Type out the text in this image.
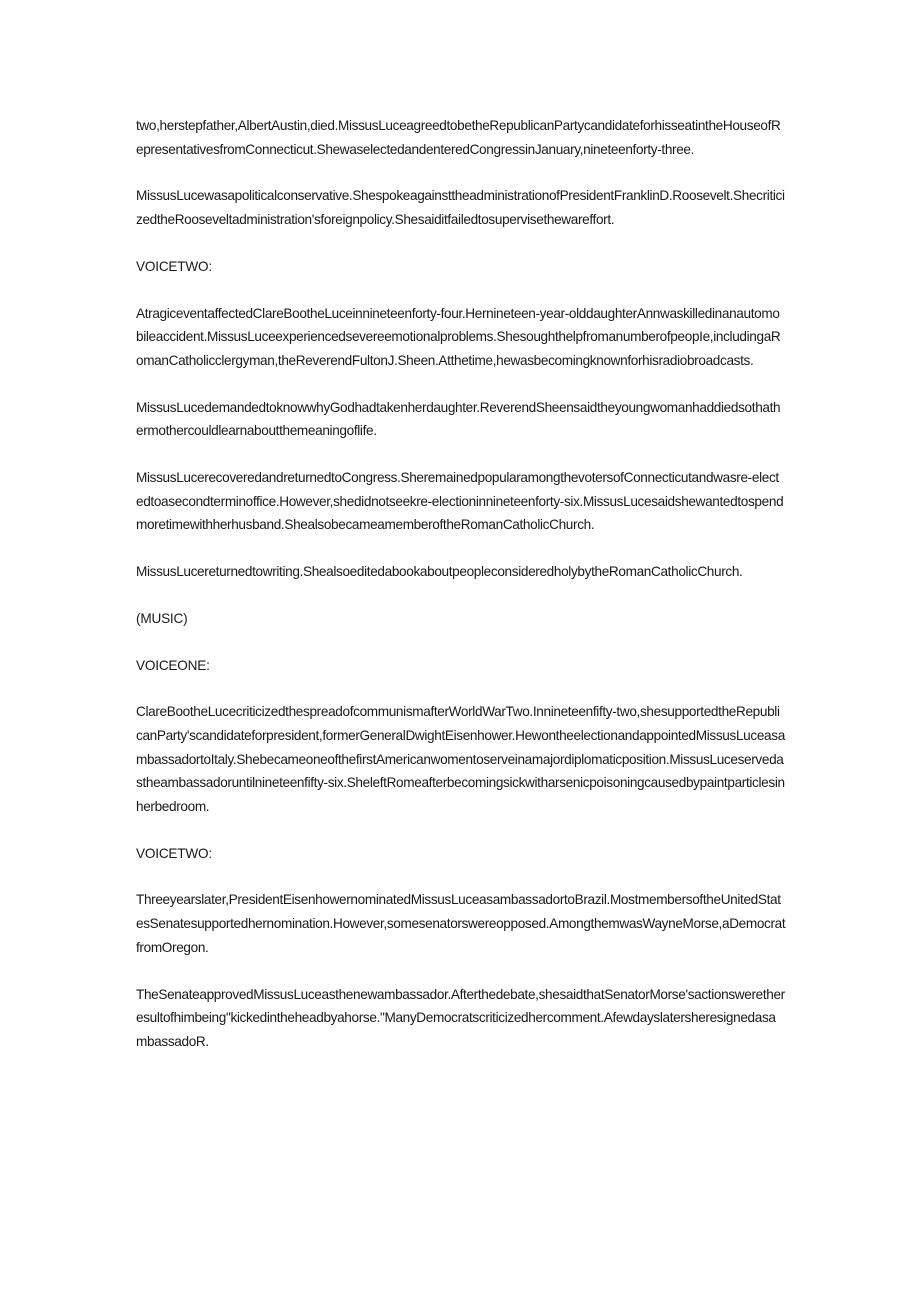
two,herstepfather,AlbertAustin,died.MissusLuceagreedtobetheRepublicanPartycandidateforhisseatintheHouseofRepresentativesfromConnecticut.ShewaselectedandenteredCongressinJanuary,nineteenforty-three.

MissusLucewasapoliticalconservative.ShespokeagainsttheadministrationofPresidentFranklinD.Roosevelt.ShecriticizedtheRooseveltadministration'sforeignpolicy.Shesaiditfailedtosupervisethewareffort.

VOICETWO:

AtragiceventaffectedClareBootheLuceinnineteenforty-four.Hernineteen-year-olddaughterAnnwaskilledinanautomobileaccident.MissusLuceexperiencedsevereemotionalproblems.ShesoughthelpfromanumberofpeopIe,includingaRomanCatholicclergyman,theReverendFultonJ.Sheen.Atthetime,hewasbecomingknownforhisradiobroadcasts.

MissusLucedemandedtoknowwhyGodhadtakenherdaughter.ReverendSheensaidtheyoungwomanhaddiedsothathermothercouldlearnaboutthemeaningoflife.

MissusLucerecoveredandreturnedtoCongress.SheremainedpopularamongthevotersofConnecticutandwasre-electedtoasecondterminoffice.However,shedidnotseekre-electioninnineteenforty-six.MissusLucesaidshewantedtospendmoretimewithherhusband.ShealsobecameamemberoftheRomanCatholicChurch.

MissusLucereturnedtowriting.ShealsoeditedabookaboutpeopleconsideredholybytheRomanCatholicChurch.

(MUSIC)

VOICEONE:

ClareBootheLucecriticizedthespreadofcommunismafterWorldWarTwo.Innineteenfifty-two,shesupportedtheRepublicanParty'scandidateforpresident,formerGeneralDwightEisenhower.HewontheelectionandappointedMissusLuceasambassadortoItaly.ShebecameoneofthefirstAmericanwomentoserveinamajordiplomaticposition.MissusLuceservedastheambassadoruntilnineteenfifty-six.SheleftRomeafterbecomingsickwitharsenicpoisoningcausedbypaintparticlesinherbedroom.

VOICETWO:

Threeyearslater,PresidentEisenhowernominatedMissusLuceasambassadortoBrazil.MostmembersoftheUnitedStatesSenatesupportedhernomination.However,somesenatorswereopposed.AmongthemwasWayneMorse,aDemocratfromOregon.

TheSenateapprovedMissusLuceasthenewambassador.Afterthedebate,shesaidthatSenatorMorse'sactionsweretheresultofhimbeing"kickedintheheadbyahorse."ManyDemocratscriticizedhercomment.AfewdayslatersheresignedasambassadoR.
